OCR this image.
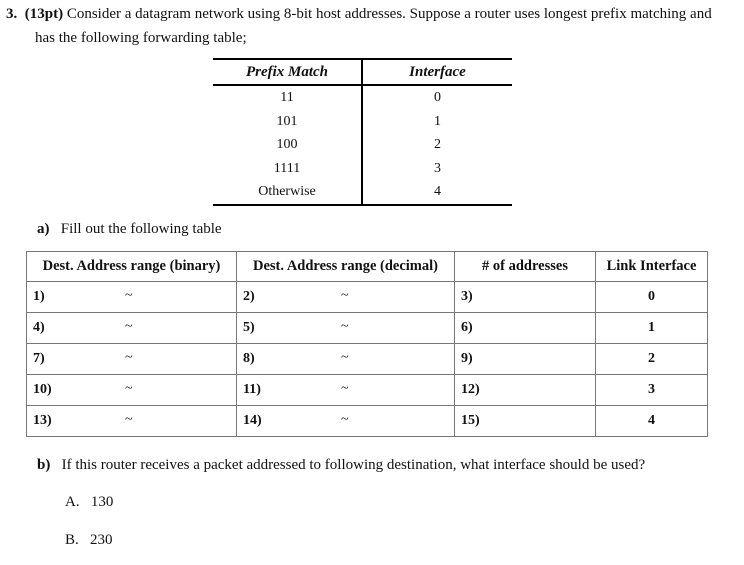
3. (13pt) Consider a datagram network using 8-bit host addresses. Suppose a router uses longest prefix matching and
has the following forwarding table;
Prefix Match	Interface
11	0
101	1
100	2
1111	3
Otherwise	4
a) Fill out the following table
Dest. Address range (binary)	Dest. Address range (decimal)	# of addresses	Link Interface

1) ~	2) ~	3)	0

4) ~	5) ~	6)	1

7) ~	8) ~	9)	2

10) ~	11) ~	12)	3

13) ~	14) ~	15)	4
b) If this router receives a packet addressed to following destination, what interface should be used?
A. 130
B. 230
